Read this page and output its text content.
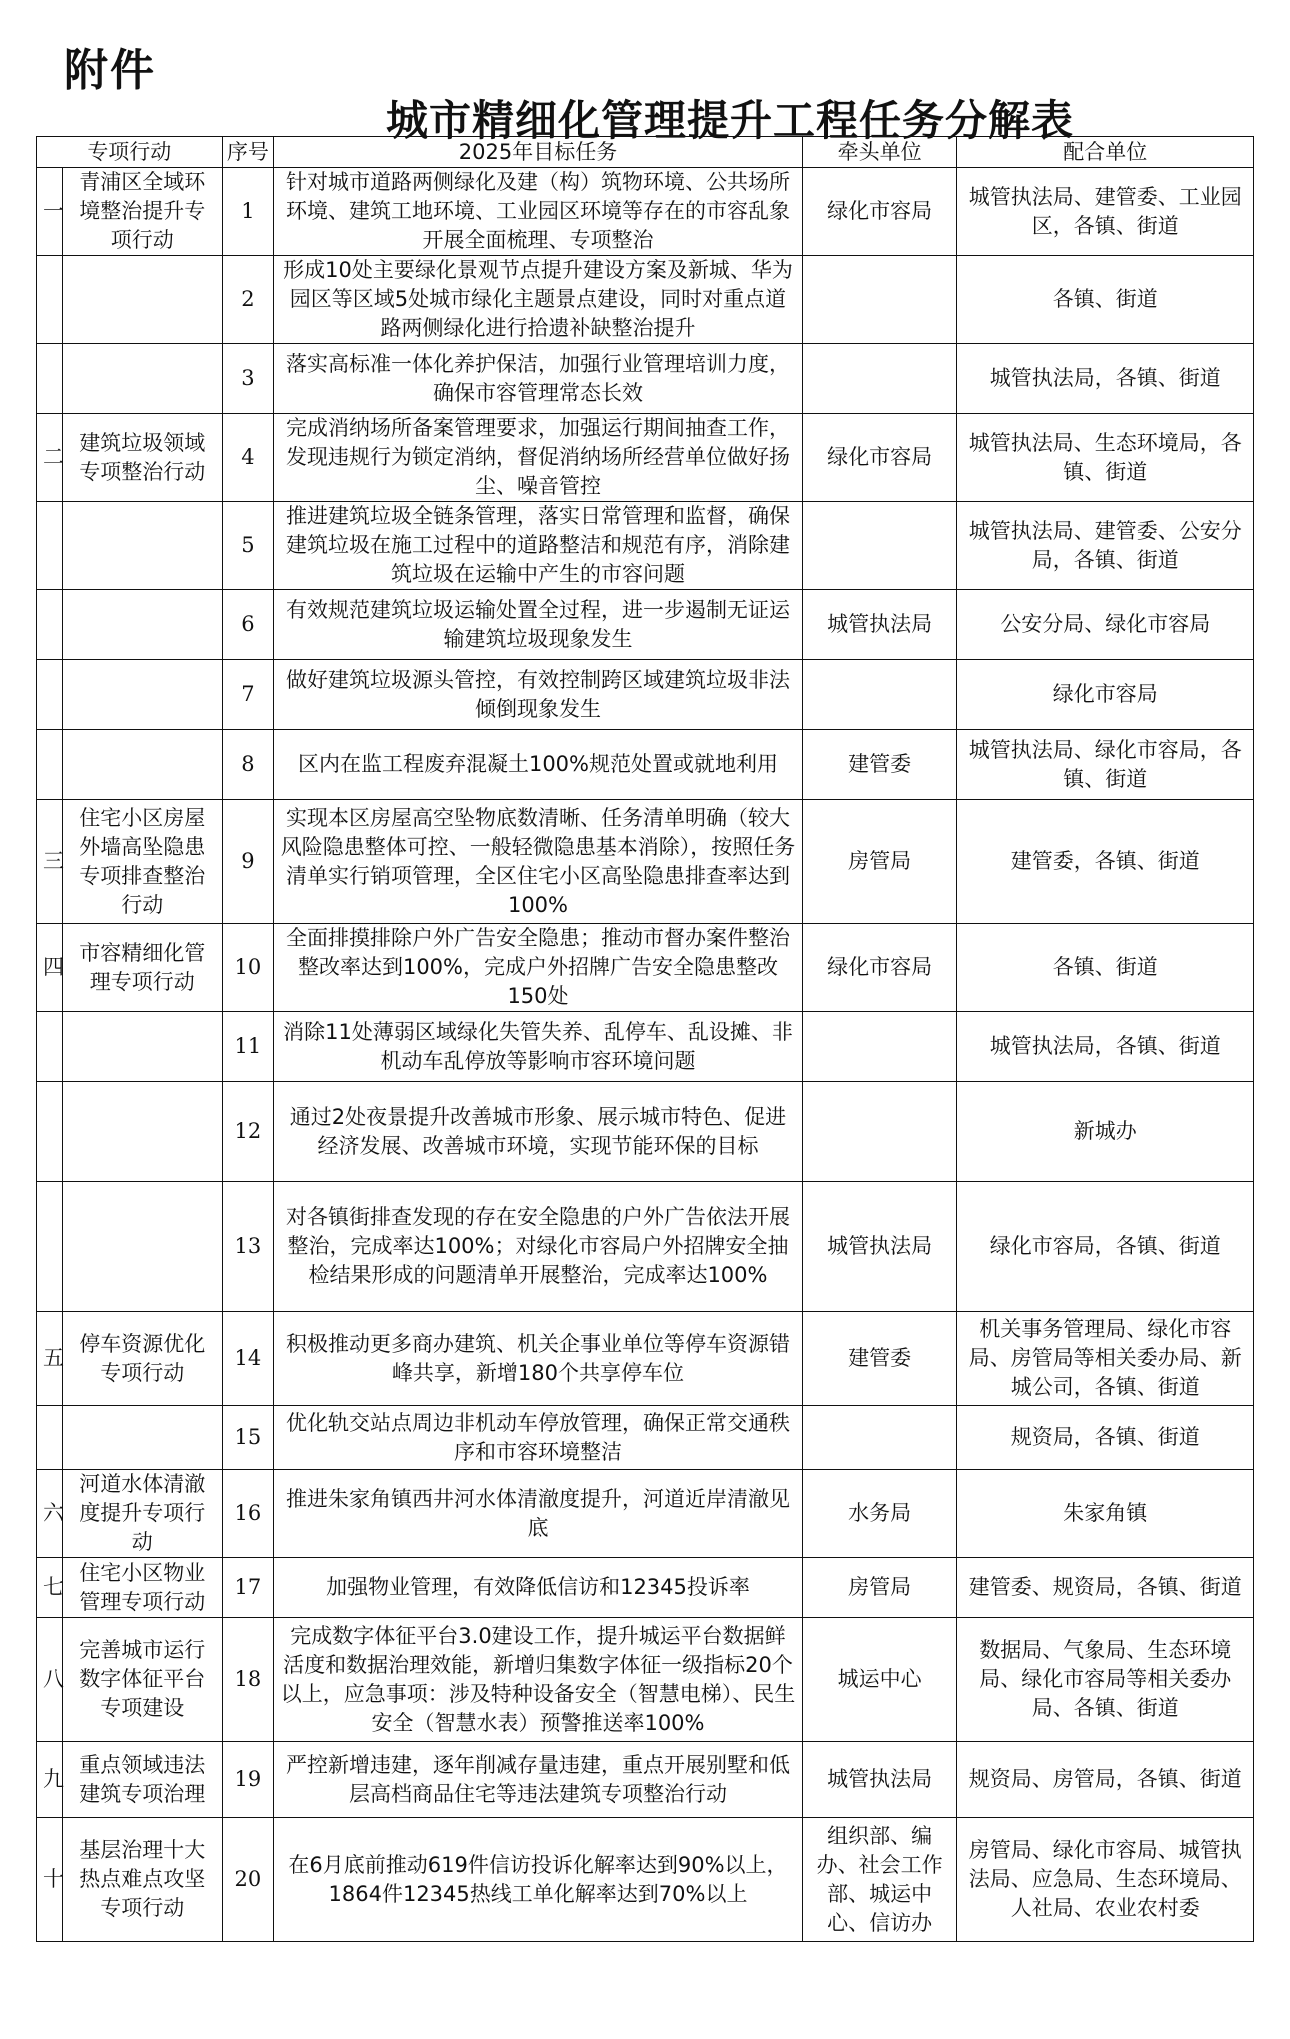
附件
城市精细化管理提升工程任务分解表
专项行动		序号	2025年目标任务	牵头单位	配合单位
一	青浦区全域环境整治提升专项行动	1	针对城市道路两侧绿化及建（构）筑物环境、公共场所环境、建筑工地环境、工业园区环境等存在的市容乱象开展全面梳理、专项整治	绿化市容局	城管执法局、建管委、工业园区，各镇、街道
		2	形成10处主要绿化景观节点提升建设方案及新城、华为园区等区域5处城市绿化主题景点建设，同时对重点道路两侧绿化进行拾遗补缺整治提升		各镇、街道
		3	落实高标准一体化养护保洁，加强行业管理培训力度，确保市容管理常态长效		城管执法局，各镇、街道
二	建筑垃圾领域专项整治行动	4	完成消纳场所备案管理要求，加强运行期间抽查工作，发现违规行为锁定消纳，督促消纳场所经营单位做好扬尘、噪音管控	绿化市容局	城管执法局、生态环境局，各镇、街道
		5	推进建筑垃圾全链条管理，落实日常管理和监督，确保建筑垃圾在施工过程中的道路整洁和规范有序，消除建筑垃圾在运输中产生的市容问题		城管执法局、建管委、公安分局，各镇、街道
		6	有效规范建筑垃圾运输处置全过程，进一步遏制无证运输建筑垃圾现象发生	城管执法局	公安分局、绿化市容局
		7	做好建筑垃圾源头管控，有效控制跨区域建筑垃圾非法倾倒现象发生		绿化市容局
		8	区内在监工程废弃混凝土100%规范处置或就地利用	建管委	城管执法局、绿化市容局，各镇、街道
三	住宅小区房屋外墙高坠隐患专项排查整治行动	9	实现本区房屋高空坠物底数清晰、任务清单明确（较大风险隐患整体可控、一般轻微隐患基本消除），按照任务清单实行销项管理，全区住宅小区高坠隐患排查率达到100%	房管局	建管委，各镇、街道
四	市容精细化管理专项行动	10	全面排摸排除户外广告安全隐患；推动市督办案件整治整改率达到100%，完成户外招牌广告安全隐患整改150处	绿化市容局	各镇、街道
		11	消除11处薄弱区域绿化失管失养、乱停车、乱设摊、非机动车乱停放等影响市容环境问题		城管执法局，各镇、街道
		12	通过2处夜景提升改善城市形象、展示城市特色、促进经济发展、改善城市环境，实现节能环保的目标		新城办
		13	对各镇街排查发现的存在安全隐患的户外广告依法开展整治，完成率达100%；对绿化市容局户外招牌安全抽检结果形成的问题清单开展整治，完成率达100%	城管执法局	绿化市容局，各镇、街道
五	停车资源优化专项行动	14	积极推动更多商办建筑、机关企事业单位等停车资源错峰共享，新增180个共享停车位	建管委	机关事务管理局、绿化市容局、房管局等相关委办局、新城公司，各镇、街道
		15	优化轨交站点周边非机动车停放管理，确保正常交通秩序和市容环境整洁		规资局，各镇、街道
六	河道水体清澈度提升专项行动	16	推进朱家角镇西井河水体清澈度提升，河道近岸清澈见底	水务局	朱家角镇
七	住宅小区物业管理专项行动	17	加强物业管理，有效降低信访和12345投诉率	房管局	建管委、规资局，各镇、街道
八	完善城市运行数字体征平台专项建设	18	完成数字体征平台3.0建设工作，提升城运平台数据鲜活度和数据治理效能，新增归集数字体征一级指标20个以上，应急事项：涉及特种设备安全（智慧电梯）、民生安全（智慧水表）预警推送率100%	城运中心	数据局、气象局、生态环境局、绿化市容局等相关委办局、各镇、街道
九	重点领域违法建筑专项治理	19	严控新增违建，逐年削减存量违建，重点开展别墅和低层高档商品住宅等违法建筑专项整治行动	城管执法局	规资局、房管局，各镇、街道
十	基层治理十大热点难点攻坚专项行动	20	在6月底前推动619件信访投诉化解率达到90%以上，1864件12345热线工单化解率达到70%以上	组织部、编办、社会工作部、城运中心、信访办	房管局、绿化市容局、城管执法局、应急局、生态环境局、人社局、农业农村委
